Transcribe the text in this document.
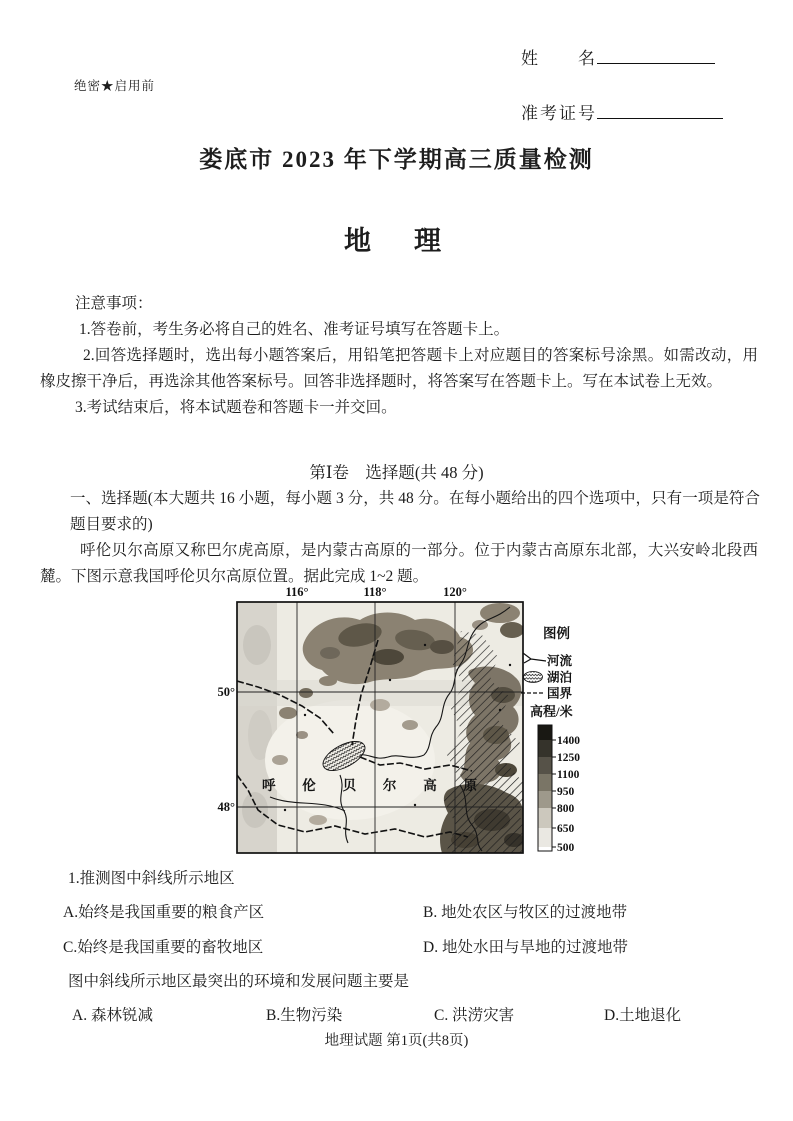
绝密★启用前
姓　　名
准考证号
娄底市 2023 年下学期高三质量检测
地　理

注意事项：

1.答卷前，考生务必将自己的姓名、准考证号填写在答题卡上。

2.回答选择题时，选出每小题答案后，用铅笔把答题卡上对应题目的答案标号涂黑。如需改动，用橡皮擦干净后，再选涂其他答案标号。回答非选择题时，将答案写在答题卡上。写在本试卷上无效。

3.考试结束后，将本试题卷和答题卡一并交回。

第Ⅰ卷　选择题(共 48 分)

一、选择题(本大题共 16 小题，每小题 3 分，共 48 分。在每小题给出的四个选项中，只有一项是符合题目要求的)

呼伦贝尔高原又称巴尔虎高原，是内蒙古高原的一部分。位于内蒙古高原东北部，大兴安岭北段西麓。下图示意我国呼伦贝尔高原位置。据此完成 1~2 题。

116°	118°	120°
50°
48°
呼伦贝尔高原
图例
河流
湖泊
国界
高程/米
1400
1250
1100
950
800
650
500

1.推测图中斜线所示地区

A.始终是我国重要的粮食产区	B. 地处农区与牧区的过渡地带
C.始终是我国重要的畜牧地区	D. 地处水田与旱地的过渡地带

图中斜线所示地区最突出的环境和发展问题主要是

A. 森林锐减	B.生物污染	C. 洪涝灾害	D.土地退化
地理试题 第1页(共8页)
